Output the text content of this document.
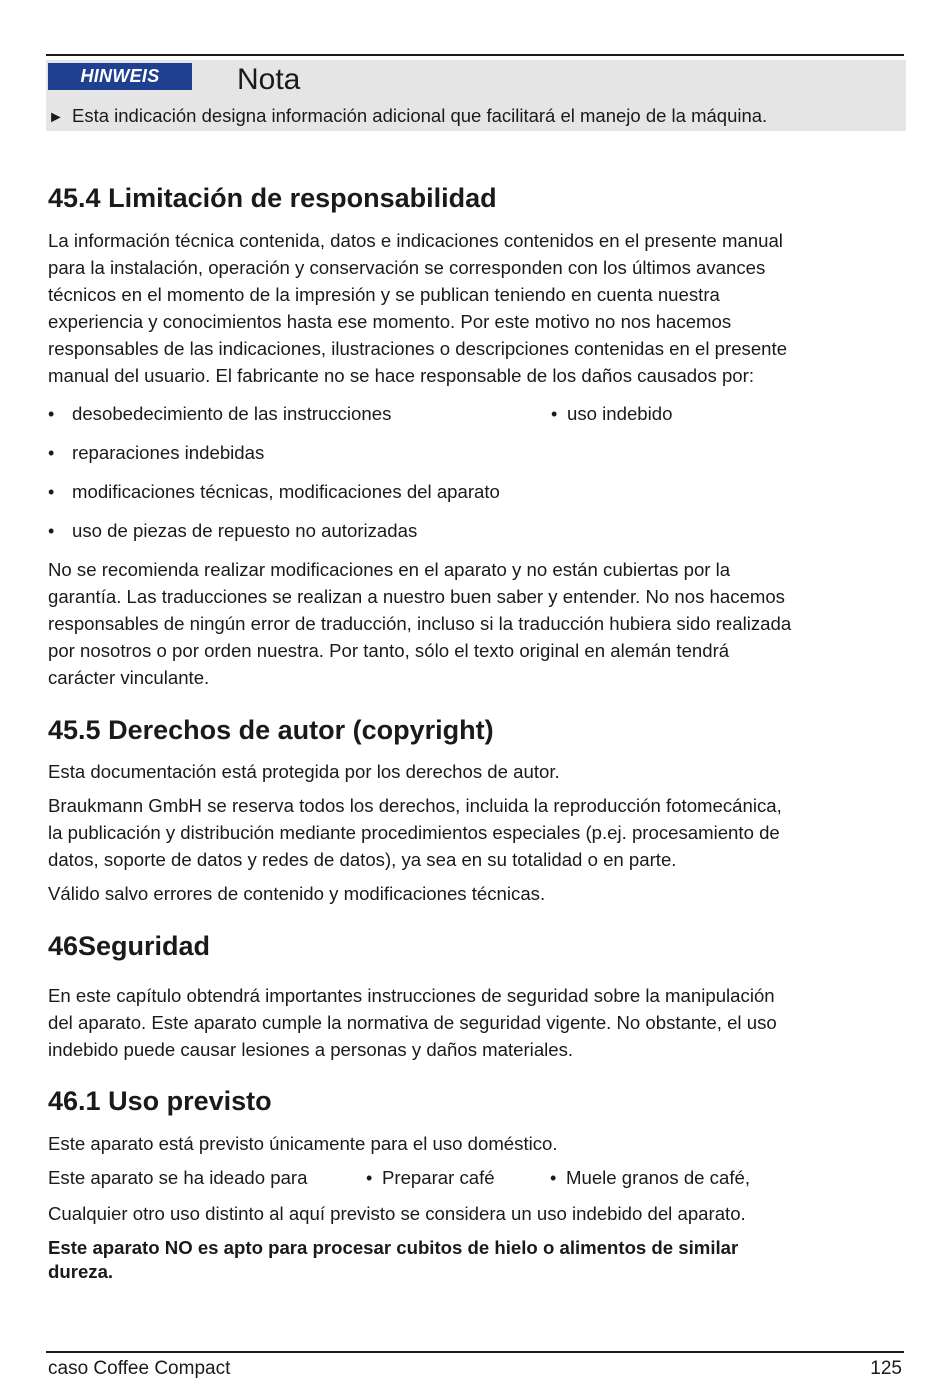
HINWEIS	Nota
► Esta indicación designa información adicional que facilitará el manejo de la máquina.
45.4 Limitación de responsabilidad
La información técnica contenida, datos e indicaciones contenidos en el presente manual
para la instalación, operación y conservación se corresponden con los últimos avances
técnicos en el momento de la impresión y se publican teniendo en cuenta nuestra
experiencia y conocimientos hasta ese momento. Por este motivo no nos hacemos
responsables de las indicaciones, ilustraciones o descripciones contenidas en el presente
manual del usuario. El fabricante no se hace responsable de los daños causados por:
• desobedecimiento de las instrucciones	• uso indebido
• reparaciones indebidas
• modificaciones técnicas, modificaciones del aparato
• uso de piezas de repuesto no autorizadas
No se recomienda realizar modificaciones en el aparato y no están cubiertas por la
garantía. Las traducciones se realizan a nuestro buen saber y entender. No nos hacemos
responsables de ningún error de traducción, incluso si la traducción hubiera sido realizada
por nosotros o por orden nuestra. Por tanto, sólo el texto original en alemán tendrá
carácter vinculante.
45.5 Derechos de autor (copyright)
Esta documentación está protegida por los derechos de autor.
Braukmann GmbH se reserva todos los derechos, incluida la reproducción fotomecánica,
la publicación y distribución mediante procedimientos especiales (p.ej. procesamiento de
datos, soporte de datos y redes de datos), ya sea en su totalidad o en parte.
Válido salvo errores de contenido y modificaciones técnicas.
46Seguridad
En este capítulo obtendrá importantes instrucciones de seguridad sobre la manipulación
del aparato. Este aparato cumple la normativa de seguridad vigente. No obstante, el uso
indebido puede causar lesiones a personas y daños materiales.
46.1 Uso previsto
Este aparato está previsto únicamente para el uso doméstico.
Este aparato se ha ideado para	• Preparar café	• Muele granos de café,
Cualquier otro uso distinto al aquí previsto se considera un uso indebido del aparato.
Este aparato NO es apto para procesar cubitos de hielo o alimentos de similar
dureza.
caso Coffee Compact	125
